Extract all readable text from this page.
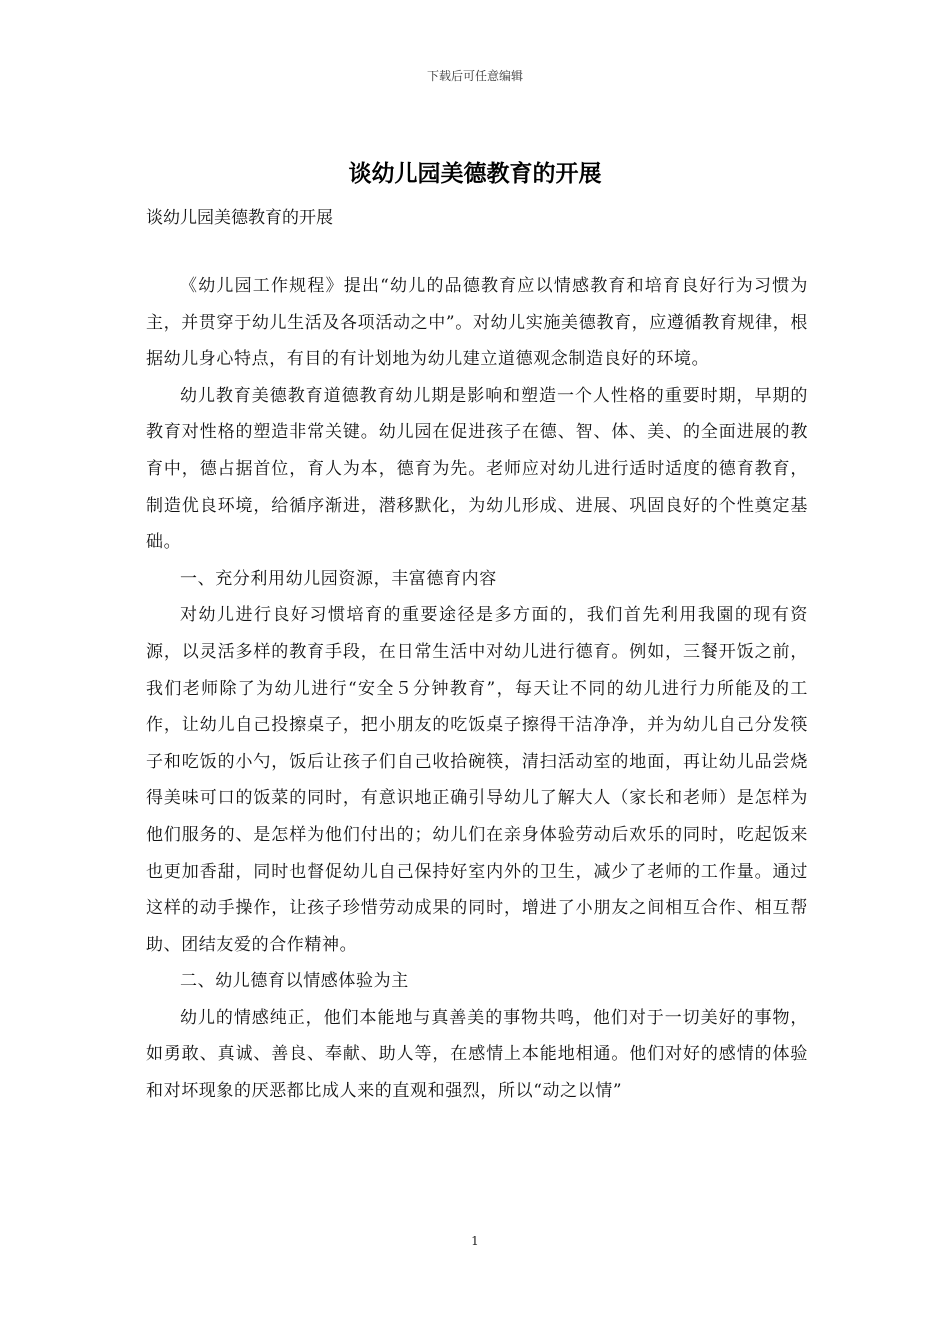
下载后可任意编辑
谈幼儿园美德教育的开展
谈幼儿园美德教育的开展

《幼儿园工作规程》提出“幼儿的品德教育应以情感教育和培育良好行为习惯为主，并贯穿于幼儿生活及各项活动之中”。对幼儿实施美德教育，应遵循教育规律，根据幼儿身心特点，有目的有计划地为幼儿建立道德观念制造良好的环境。

幼儿教育美德教育道德教育幼儿期是影响和塑造一个人性格的重要时期，早期的教育对性格的塑造非常关键。幼儿园在促进孩子在德、智、体、美、的全面进展的教育中，德占据首位，育人为本，德育为先。老师应对幼儿进行适时适度的德育教育，制造优良环境，给循序渐进，潜移默化，为幼儿形成、进展、巩固良好的个性奠定基础。

一、充分利用幼儿园资源，丰富德育内容

对幼儿进行良好习惯培育的重要途径是多方面的，我们首先利用我園的现有资源，以灵活多样的教育手段，在日常生活中对幼儿进行德育。例如，三餐开饭之前，我们老师除了为幼儿进行“安全５分钟教育”，每天让不同的幼儿进行力所能及的工作，让幼儿自己投擦桌子，把小朋友的吃饭桌子擦得干洁净净，并为幼儿自己分发筷子和吃饭的小勺，饭后让孩子们自己收拾碗筷，清扫活动室的地面，再让幼儿品尝烧得美味可口的饭菜的同时，有意识地正确引导幼儿了解大人（家长和老师）是怎样为他们服务的、是怎样为他们付出的；幼儿们在亲身体验劳动后欢乐的同时，吃起饭来也更加香甜，同时也督促幼儿自己保持好室内外的卫生，减少了老师的工作量。通过这样的动手操作，让孩子珍惜劳动成果的同时，增进了小朋友之间相互合作、相互帮助、团结友爱的合作精神。

二、幼儿德育以情感体验为主

幼儿的情感纯正，他们本能地与真善美的事物共鸣，他们对于一切美好的事物，如勇敢、真诚、善良、奉献、助人等，在感情上本能地相通。他们对好的感情的体验和对坏现象的厌恶都比成人来的直观和强烈，所以“动之以情”

1
